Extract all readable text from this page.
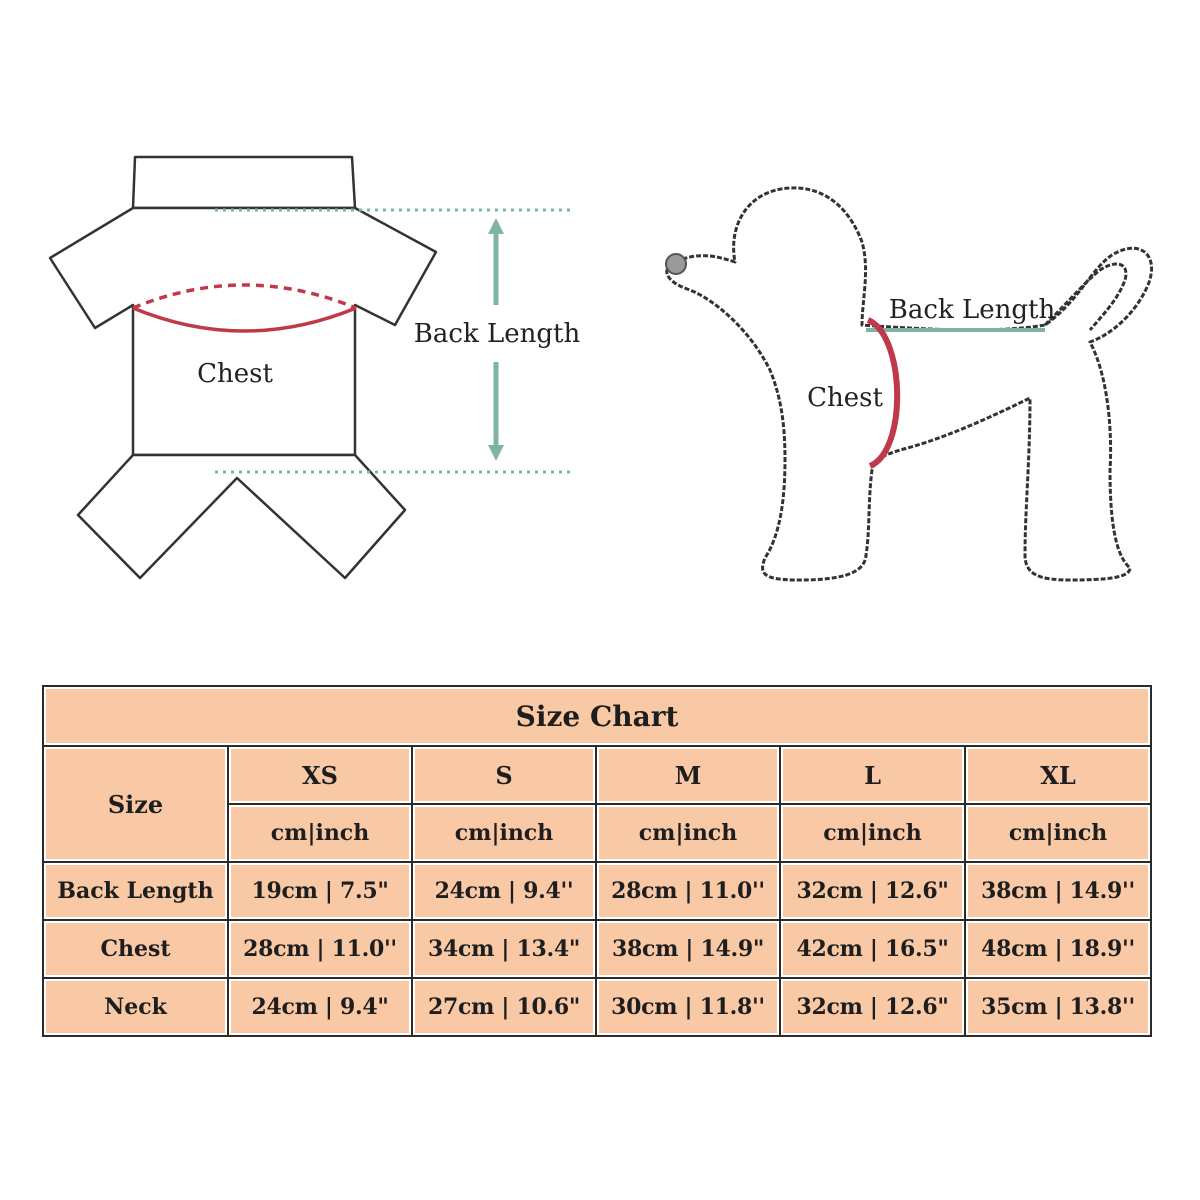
Chest
Back Length
Back Length
Chest
Size Chart					
Size	XS	S	M	L	XL
	cm|inch	cm|inch	cm|inch	cm|inch	cm|inch
Back Length	19cm | 7.5"	24cm | 9.4''	28cm | 11.0''	32cm | 12.6"	38cm | 14.9''
Chest	28cm | 11.0''	34cm | 13.4"	38cm | 14.9"	42cm | 16.5"	48cm | 18.9''
Neck	24cm | 9.4"	27cm | 10.6"	30cm | 11.8''	32cm | 12.6"	35cm | 13.8''
